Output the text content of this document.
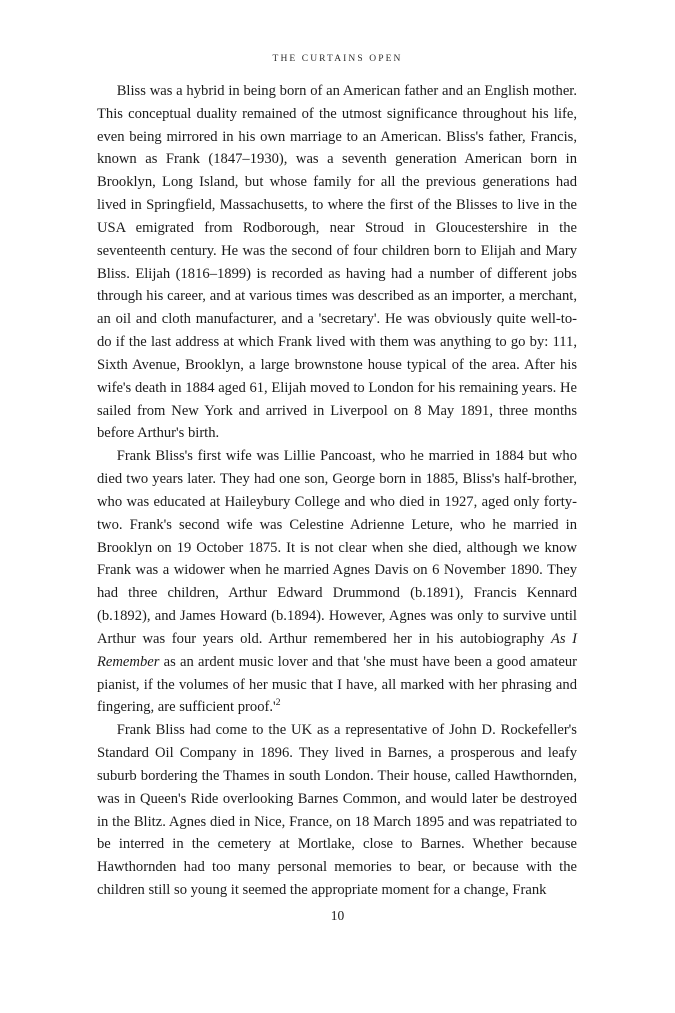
THE CURTAINS OPEN

Bliss was a hybrid in being born of an American father and an English mother. This conceptual duality remained of the utmost significance throughout his life, even being mirrored in his own marriage to an American. Bliss's father, Francis, known as Frank (1847–1930), was a seventh generation American born in Brooklyn, Long Island, but whose family for all the previous generations had lived in Springfield, Massachusetts, to where the first of the Blisses to live in the USA emigrated from Rodborough, near Stroud in Gloucestershire in the seventeenth century. He was the second of four children born to Elijah and Mary Bliss. Elijah (1816–1899) is recorded as having had a number of different jobs through his career, and at various times was described as an importer, a merchant, an oil and cloth manufacturer, and a 'secretary'. He was obviously quite well-to-do if the last address at which Frank lived with them was anything to go by: 111, Sixth Avenue, Brooklyn, a large brownstone house typical of the area. After his wife's death in 1884 aged 61, Elijah moved to London for his remaining years. He sailed from New York and arrived in Liverpool on 8 May 1891, three months before Arthur's birth.

Frank Bliss's first wife was Lillie Pancoast, who he married in 1884 but who died two years later. They had one son, George born in 1885, Bliss's half-brother, who was educated at Haileybury College and who died in 1927, aged only forty-two. Frank's second wife was Celestine Adrienne Leture, who he married in Brooklyn on 19 October 1875. It is not clear when she died, although we know Frank was a widower when he married Agnes Davis on 6 November 1890. They had three children, Arthur Edward Drummond (b.1891), Francis Kennard (b.1892), and James Howard (b.1894). However, Agnes was only to survive until Arthur was four years old. Arthur remembered her in his autobiography As I Remember as an ardent music lover and that 'she must have been a good amateur pianist, if the volumes of her music that I have, all marked with her phrasing and fingering, are sufficient $proof.'^2$

Frank Bliss had come to the UK as a representative of John D. Rockefeller's Standard Oil Company in 1896. They lived in Barnes, a prosperous and leafy suburb bordering the Thames in south London. Their house, called Hawthornden, was in Queen's Ride overlooking Barnes Common, and would later be destroyed in the Blitz. Agnes died in Nice, France, on 18 March 1895 and was repatriated to be interred in the cemetery at Mortlake, close to Barnes. Whether because Hawthornden had too many personal memories to bear, or because with the children still so young it seemed the appropriate moment for a change, Frank

10
